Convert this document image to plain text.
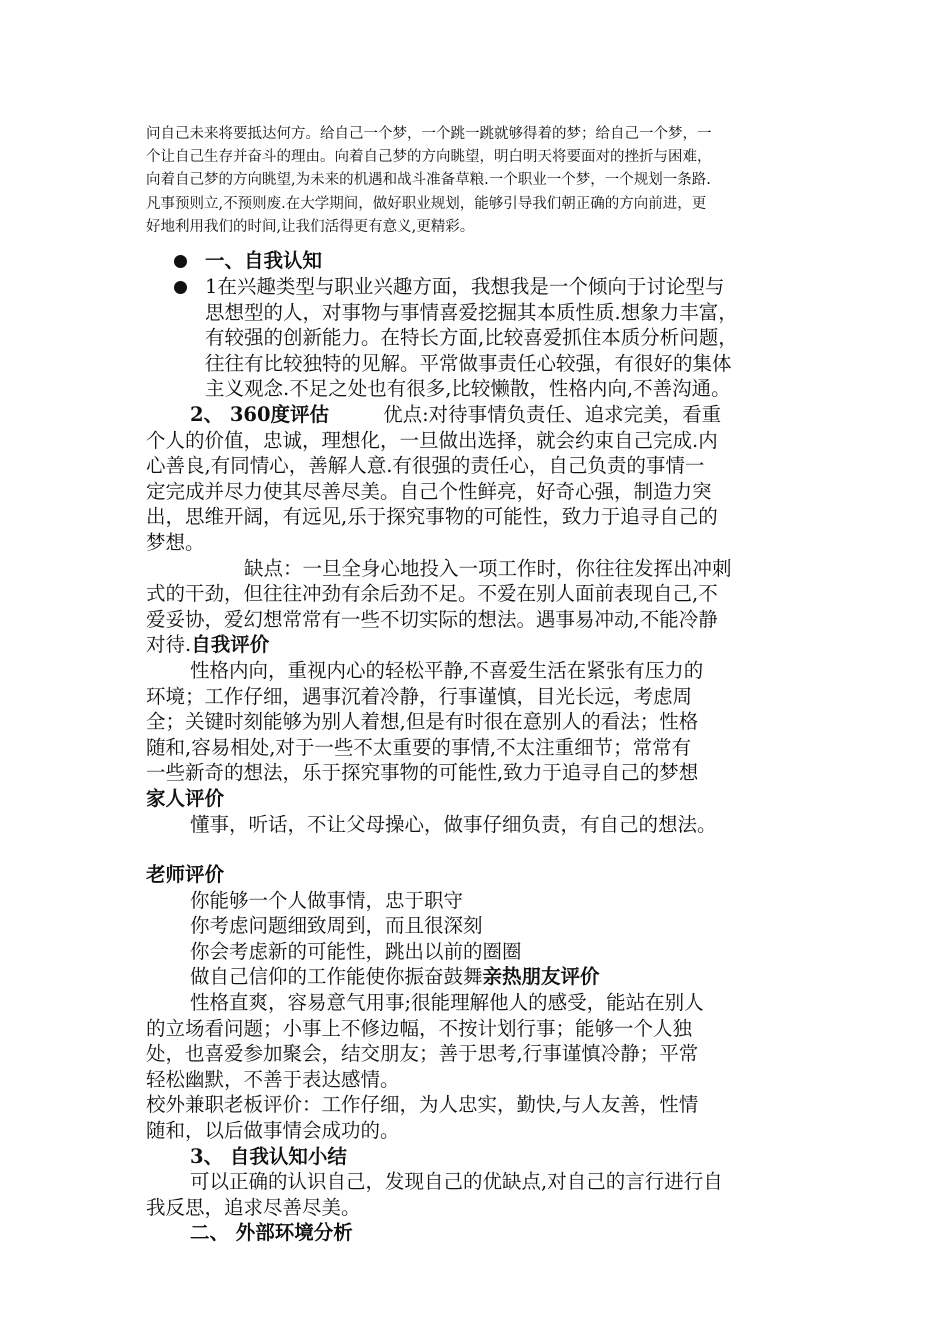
问自己未来将要抵达何方。给自己一个梦，一个跳一跳就够得着的梦；给自己一个梦，一
个让自己生存并奋斗的理由。向着自己梦的方向眺望，明白明天将要面对的挫折与困难，
向着自己梦的方向眺望,为未来的机遇和战斗准备草粮.一个职业一个梦，一个规划一条路.
凡事预则立,不预则废.在大学期间，做好职业规划，能够引导我们朝正确的方向前进，更
好地利用我们的时间,让我们活得更有意义,更精彩。
一、自我认知
1在兴趣类型与职业兴趣方面，我想我是一个倾向于讨论型与
思想型的人，对事物与事情喜爱挖掘其本质性质.想象力丰富，
有较强的创新能力。在特长方面,比较喜爱抓住本质分析问题，
往往有比较独特的见解。平常做事责任心较强，有很好的集体
主义观念.不足之处也有很多,比较懒散，性格内向,不善沟通。
2、 360度评估	优点:对待事情负责任、追求完美，看重
个人的价值，忠诚，理想化，一旦做出选择，就会约束自己完成.内
心善良,有同情心，善解人意.有很强的责任心，自己负责的事情一
定完成并尽力使其尽善尽美。自己个性鲜亮，好奇心强，制造力突
出，思维开阔，有远见,乐于探究事物的可能性，致力于追寻自己的
梦想。
缺点：一旦全身心地投入一项工作时，你往往发挥出冲刺
式的干劲，但往往冲劲有余后劲不足。不爱在别人面前表现自己,不
爱妥协，爱幻想常常有一些不切实际的想法。遇事易冲动,不能冷静
对待.自我评价
性格内向，重视内心的轻松平静,不喜爱生活在紧张有压力的
环境；工作仔细，遇事沉着冷静，行事谨慎，目光长远，考虑周
全；关键时刻能够为别人着想,但是有时很在意别人的看法；性格
随和,容易相处,对于一些不太重要的事情,不太注重细节；常常有
一些新奇的想法，乐于探究事物的可能性,致力于追寻自己的梦想
家人评价
懂事，听话，不让父母操心，做事仔细负责，有自己的想法。
老师评价
你能够一个人做事情，忠于职守
你考虑问题细致周到，而且很深刻
你会考虑新的可能性，跳出以前的圈圈
做自己信仰的工作能使你振奋鼓舞亲热朋友评价
性格直爽，容易意气用事;很能理解他人的感受，能站在别人
的立场看问题；小事上不修边幅，不按计划行事；能够一个人独
处，也喜爱参加聚会，结交朋友；善于思考,行事谨慎冷静；平常
轻松幽默，不善于表达感情。
校外兼职老板评价：工作仔细，为人忠实，勤快,与人友善，性情
随和，以后做事情会成功的。
3、 自我认知小结
可以正确的认识自己，发现自己的优缺点,对自己的言行进行自
我反思，追求尽善尽美。
二、 外部环境分析
